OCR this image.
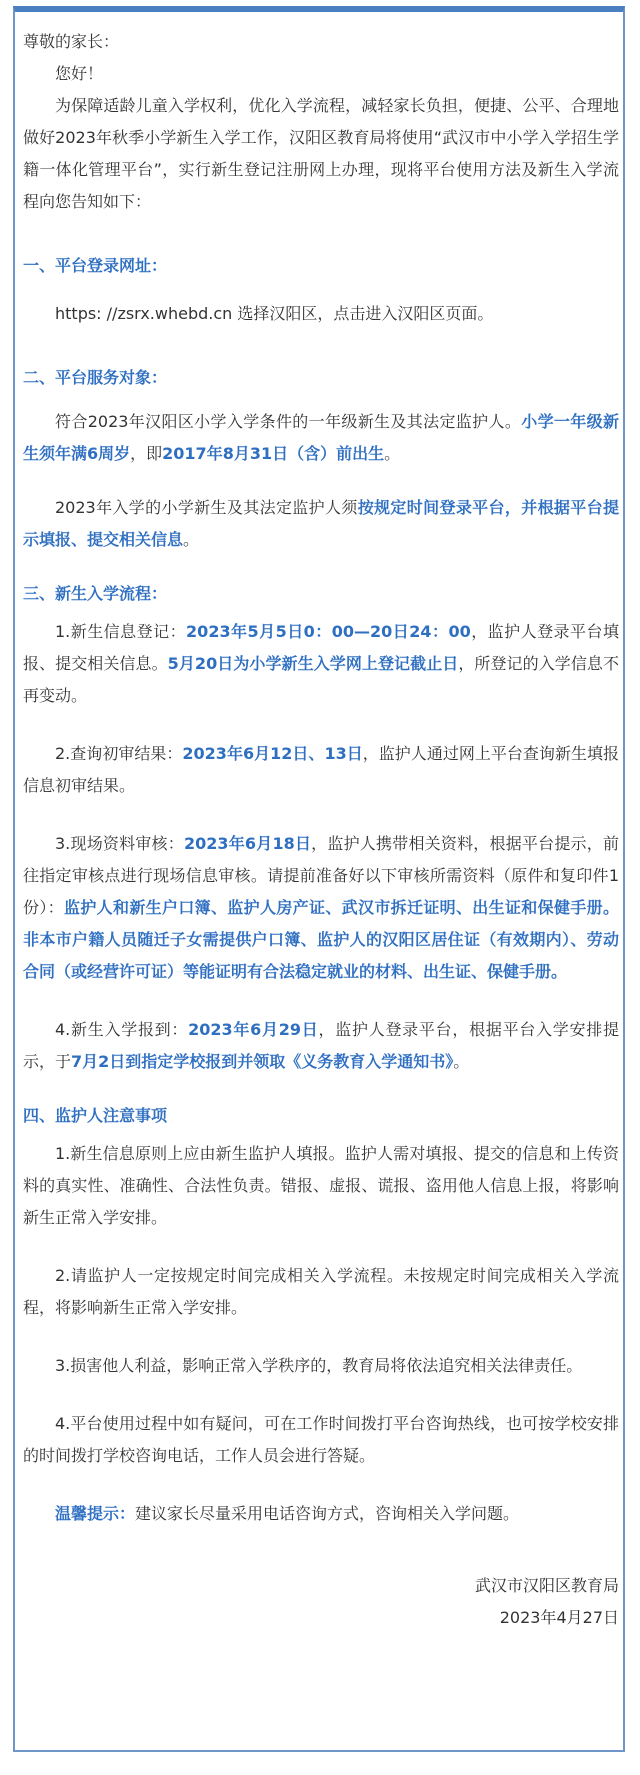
尊敬的家长：

您好！

为保障适龄儿童入学权利，优化入学流程，减轻家长负担，便捷、公平、合理地做好2023年秋季小学新生入学工作，汉阳区教育局将使用“武汉市中小学入学招生学籍一体化管理平台”，实行新生登记注册网上办理，现将平台使用方法及新生入学流程向您告知如下：

一、平台登录网址：

https: //zsrx.whebd.cn 选择汉阳区，点击进入汉阳区页面。

二、平台服务对象：

符合2023年汉阳区小学入学条件的一年级新生及其法定监护人。小学一年级新生须年满6周岁，即2017年8月31日（含）前出生。

2023年入学的小学新生及其法定监护人须按规定时间登录平台，并根据平台提示填报、提交相关信息。

三、新生入学流程：

1.新生信息登记：2023年5月5日0：00—20日24：00，监护人登录平台填报、提交相关信息。5月20日为小学新生入学网上登记截止日，所登记的入学信息不再变动。

2.查询初审结果：2023年6月12日、13日，监护人通过网上平台查询新生填报信息初审结果。

3.现场资料审核：2023年6月18日，监护人携带相关资料，根据平台提示，前往指定审核点进行现场信息审核。请提前准备好以下审核所需资料（原件和复印件1份）：监护人和新生户口簿、监护人房产证、武汉市拆迁证明、出生证和保健手册。非本市户籍人员随迁子女需提供户口簿、监护人的汉阳区居住证（有效期内）、劳动合同（或经营许可证）等能证明有合法稳定就业的材料、出生证、保健手册。

4.新生入学报到：2023年6月29日，监护人登录平台，根据平台入学安排提示，于7月2日到指定学校报到并领取《义务教育入学通知书》。

四、监护人注意事项

1.新生信息原则上应由新生监护人填报。监护人需对填报、提交的信息和上传资料的真实性、准确性、合法性负责。错报、虚报、谎报、盗用他人信息上报，将影响新生正常入学安排。

2.请监护人一定按规定时间完成相关入学流程。未按规定时间完成相关入学流程，将影响新生正常入学安排。

3.损害他人利益，影响正常入学秩序的，教育局将依法追究相关法律责任。

4.平台使用过程中如有疑问，可在工作时间拨打平台咨询热线，也可按学校安排的时间拨打学校咨询电话，工作人员会进行答疑。

温馨提示：建议家长尽量采用电话咨询方式，咨询相关入学问题。

武汉市汉阳区教育局

2023年4月27日
